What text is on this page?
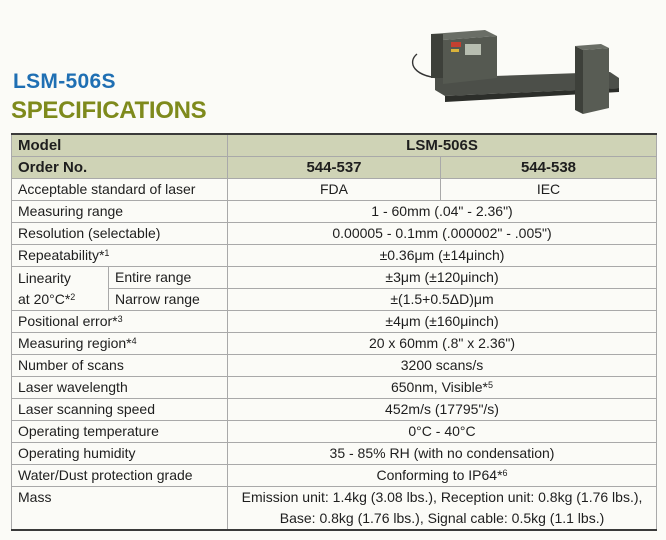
LSM-506S
SPECIFICATIONS
Model		LSM-506S	
Order No.		544-537	544-538
Acceptable standard of laser		FDA	IEC
Measuring range		1 - 60mm (.04" - 2.36")	
Resolution (selectable)		0.00005 - 0.1mm (.000002" - .005")	
Repeatability*$^1$		±0.36μm (±14μinch)	
Linearity
at 20°C*$^2$	Entire range	±3μm (±120μinch)	
	Narrow range	±(1.5+0.5ΔD)μm	
Positional error*$^3$		±4μm (±160μinch)	
Measuring region*$^4$		20 x 60mm (.8" x 2.36")	
Number of scans		3200 scans/s	
Laser wavelength		650nm, Visible*$^5$
Laser scanning speed		452m/s (17795"/s)	
Operating temperature		0°C - 40°C	
Operating humidity		35 - 85% RH (with no condensation)	
Water/Dust protection grade		Conforming to IP64*$^6$
Mass		Emission unit: 1.4kg (3.08 lbs.), Reception unit: 0.8kg (1.76 lbs.),
Base: 0.8kg (1.76 lbs.), Signal cable: 0.5kg (1.1 lbs.)	
